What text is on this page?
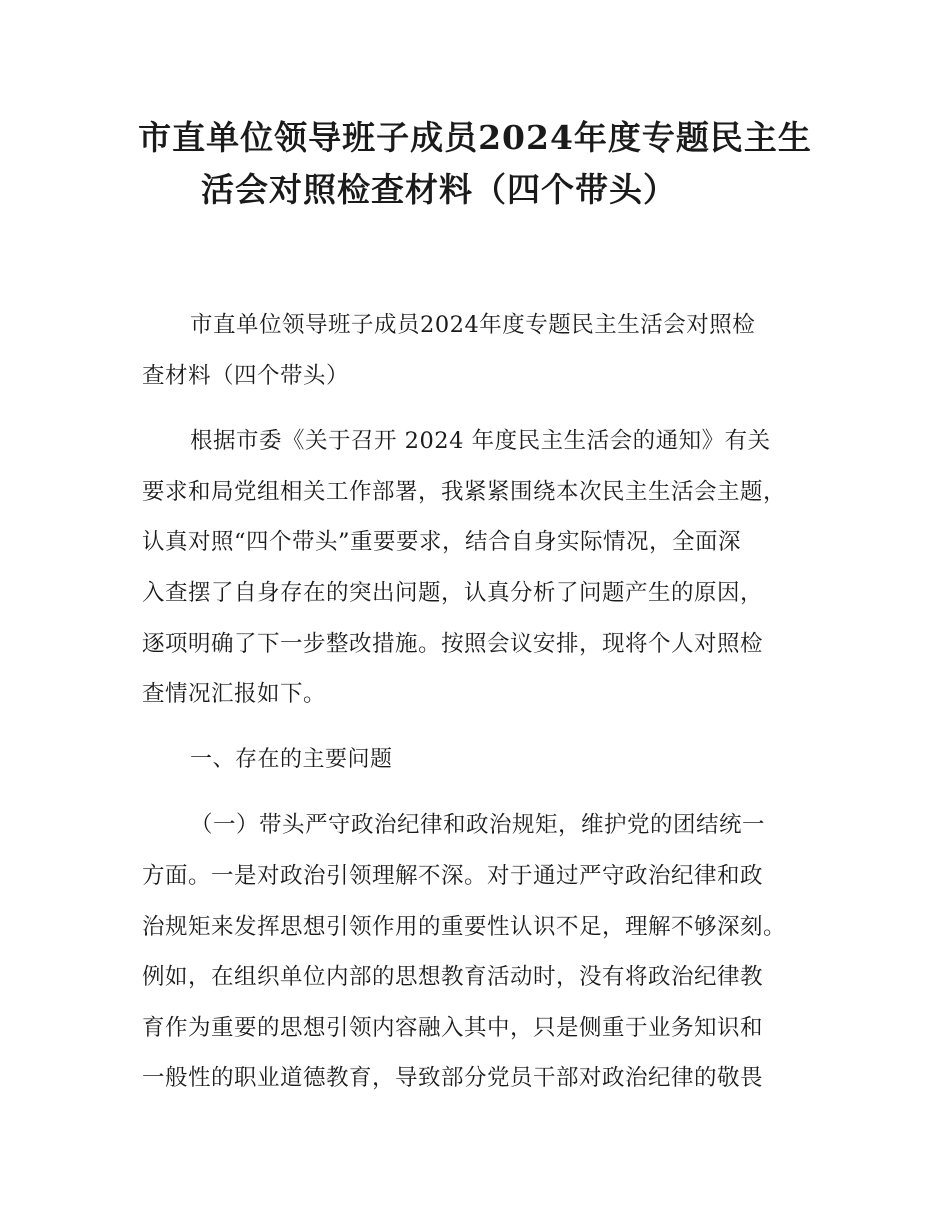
市直单位领导班子成员2024年度专题民主生
活会对照检查材料（四个带头）

市直单位领导班子成员2024年度专题民主生活会对照检

查材料（四个带头）

根据市委《关于召开 2024 年度民主生活会的通知》有关

要求和局党组相关工作部署，我紧紧围绕本次民主生活会主题，

认真对照“四个带头”重要要求，结合自身实际情况，全面深

入查摆了自身存在的突出问题，认真分析了问题产生的原因，

逐项明确了下一步整改措施。按照会议安排，现将个人对照检

查情况汇报如下。

一、存在的主要问题

（一）带头严守政治纪律和政治规矩，维护党的团结统一

方面。一是对政治引领理解不深。对于通过严守政治纪律和政

治规矩来发挥思想引领作用的重要性认识不足，理解不够深刻。

例如，在组织单位内部的思想教育活动时，没有将政治纪律教

育作为重要的思想引领内容融入其中，只是侧重于业务知识和

一般性的职业道德教育，导致部分党员干部对政治纪律的敬畏
